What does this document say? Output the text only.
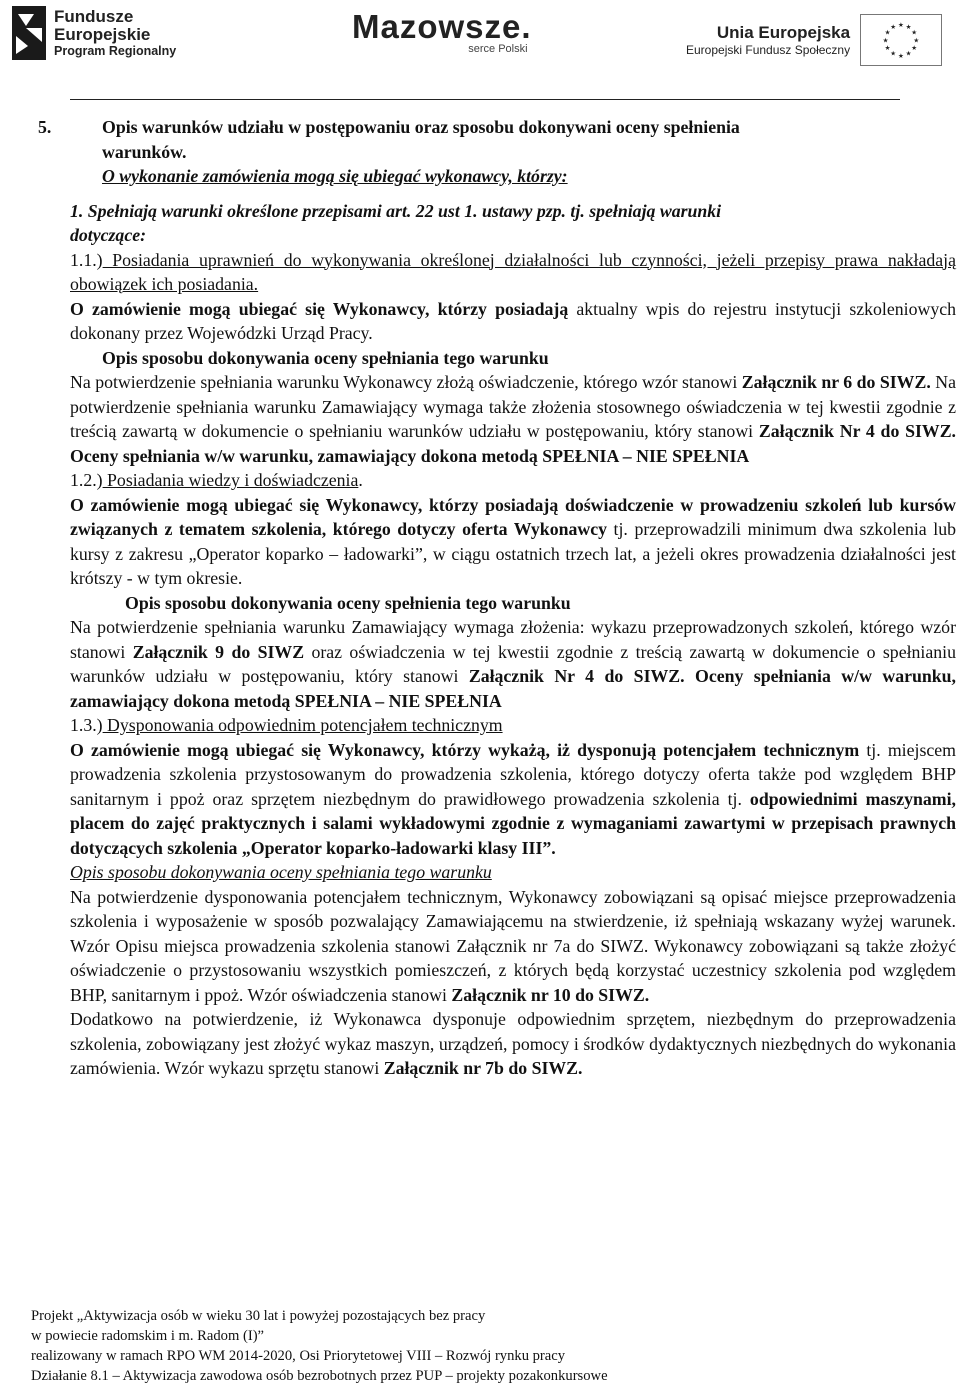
Fundusze
Europejskie
Program Regionalny
Mazowsze.
serce Polski
Unia Europejska
Europejski Fundusz Społeczny
★
★
★
★
★
★
★
★
★ ★ ★
★

5.	Opis warunków udziału w postępowaniu oraz sposobu dokonywani oceny spełnienia

warunków.

O wykonanie zamówienia mogą się ubiegać wykonawcy, którzy:

1. Spełniają warunki określone przepisami art. 22 ust 1. ustawy pzp. tj. spełniają warunki

dotyczące:

1.1.) Posiadania uprawnień do wykonywania określonej działalności lub czynności, jeżeli przepisy prawa nakładają obowiązek ich posiadania.

O zamówienie mogą ubiegać się Wykonawcy, którzy posiadają aktualny wpis do rejestru instytucji szkoleniowych dokonany przez Wojewódzki Urząd Pracy.

Opis sposobu dokonywania oceny spełniania tego warunku

Na potwierdzenie spełniania warunku Wykonawcy złożą oświadczenie, którego wzór stanowi Załącznik nr 6 do SIWZ. Na potwierdzenie spełniania warunku Zamawiający wymaga także złożenia stosownego oświadczenia w tej kwestii zgodnie z treścią zawartą w dokumencie o spełnianiu warunków udziału w postępowaniu, który stanowi Załącznik Nr 4 do SIWZ. Oceny spełniania w/w warunku, zamawiający dokona metodą SPEŁNIA – NIE SPEŁNIA

1.2.) Posiadania wiedzy i doświadczenia.

O zamówienie mogą ubiegać się Wykonawcy, którzy posiadają doświadczenie w prowadzeniu szkoleń lub kursów związanych z tematem szkolenia, którego dotyczy oferta Wykonawcy tj. przeprowadzili minimum dwa szkolenia lub kursy z zakresu „Operator koparko – ładowarki”, w ciągu ostatnich trzech lat, a jeżeli okres prowadzenia działalności jest krótszy - w tym okresie.

Opis sposobu dokonywania oceny spełnienia tego warunku

Na potwierdzenie spełniania warunku Zamawiający wymaga złożenia: wykazu przeprowadzonych szkoleń, którego wzór stanowi Załącznik 9 do SIWZ oraz oświadczenia w tej kwestii zgodnie z treścią zawartą w dokumencie o spełnianiu warunków udziału w postępowaniu, który stanowi Załącznik Nr 4 do SIWZ. Oceny spełniania w/w warunku, zamawiający dokona metodą SPEŁNIA – NIE SPEŁNIA

1.3.) Dysponowania odpowiednim potencjałem technicznym

O zamówienie mogą ubiegać się Wykonawcy, którzy wykażą, iż dysponują potencjałem technicznym tj. miejscem prowadzenia szkolenia przystosowanym do prowadzenia szkolenia, którego dotyczy oferta także pod względem BHP sanitarnym i ppoż oraz sprzętem niezbędnym do prawidłowego prowadzenia szkolenia tj. odpowiednimi maszynami, placem do zajęć praktycznych i salami wykładowymi zgodnie z wymaganiami zawartymi w przepisach prawnych dotyczących szkolenia „Operator koparko-ładowarki klasy III”.

Opis sposobu dokonywania oceny spełniania tego warunku

Na potwierdzenie dysponowania potencjałem technicznym, Wykonawcy zobowiązani są opisać miejsce przeprowadzenia szkolenia i wyposażenie w sposób pozwalający Zamawiającemu na stwierdzenie, iż spełniają wskazany wyżej warunek. Wzór Opisu miejsca prowadzenia szkolenia stanowi Załącznik nr 7a do SIWZ. Wykonawcy zobowiązani są także złożyć oświadczenie o przystosowaniu wszystkich pomieszczeń, z których będą korzystać uczestnicy szkolenia pod względem BHP, sanitarnym i ppoż. Wzór oświadczenia stanowi Załącznik nr 10 do SIWZ.

Dodatkowo na potwierdzenie, iż Wykonawca dysponuje odpowiednim sprzętem, niezbędnym do przeprowadzenia szkolenia, zobowiązany jest złożyć wykaz maszyn, urządzeń, pomocy i środków dydaktycznych niezbędnych do wykonania zamówienia. Wzór wykazu sprzętu stanowi Załącznik nr 7b do SIWZ.

Projekt „Aktywizacja osób w wieku 30 lat i powyżej pozostających bez pracy
w powiecie radomskim i m. Radom (I)”
realizowany w ramach RPO WM 2014-2020, Osi Priorytetowej VIII – Rozwój rynku pracy
Działanie 8.1 – Aktywizacja zawodowa osób bezrobotnych przez PUP – projekty pozakonkursowe
